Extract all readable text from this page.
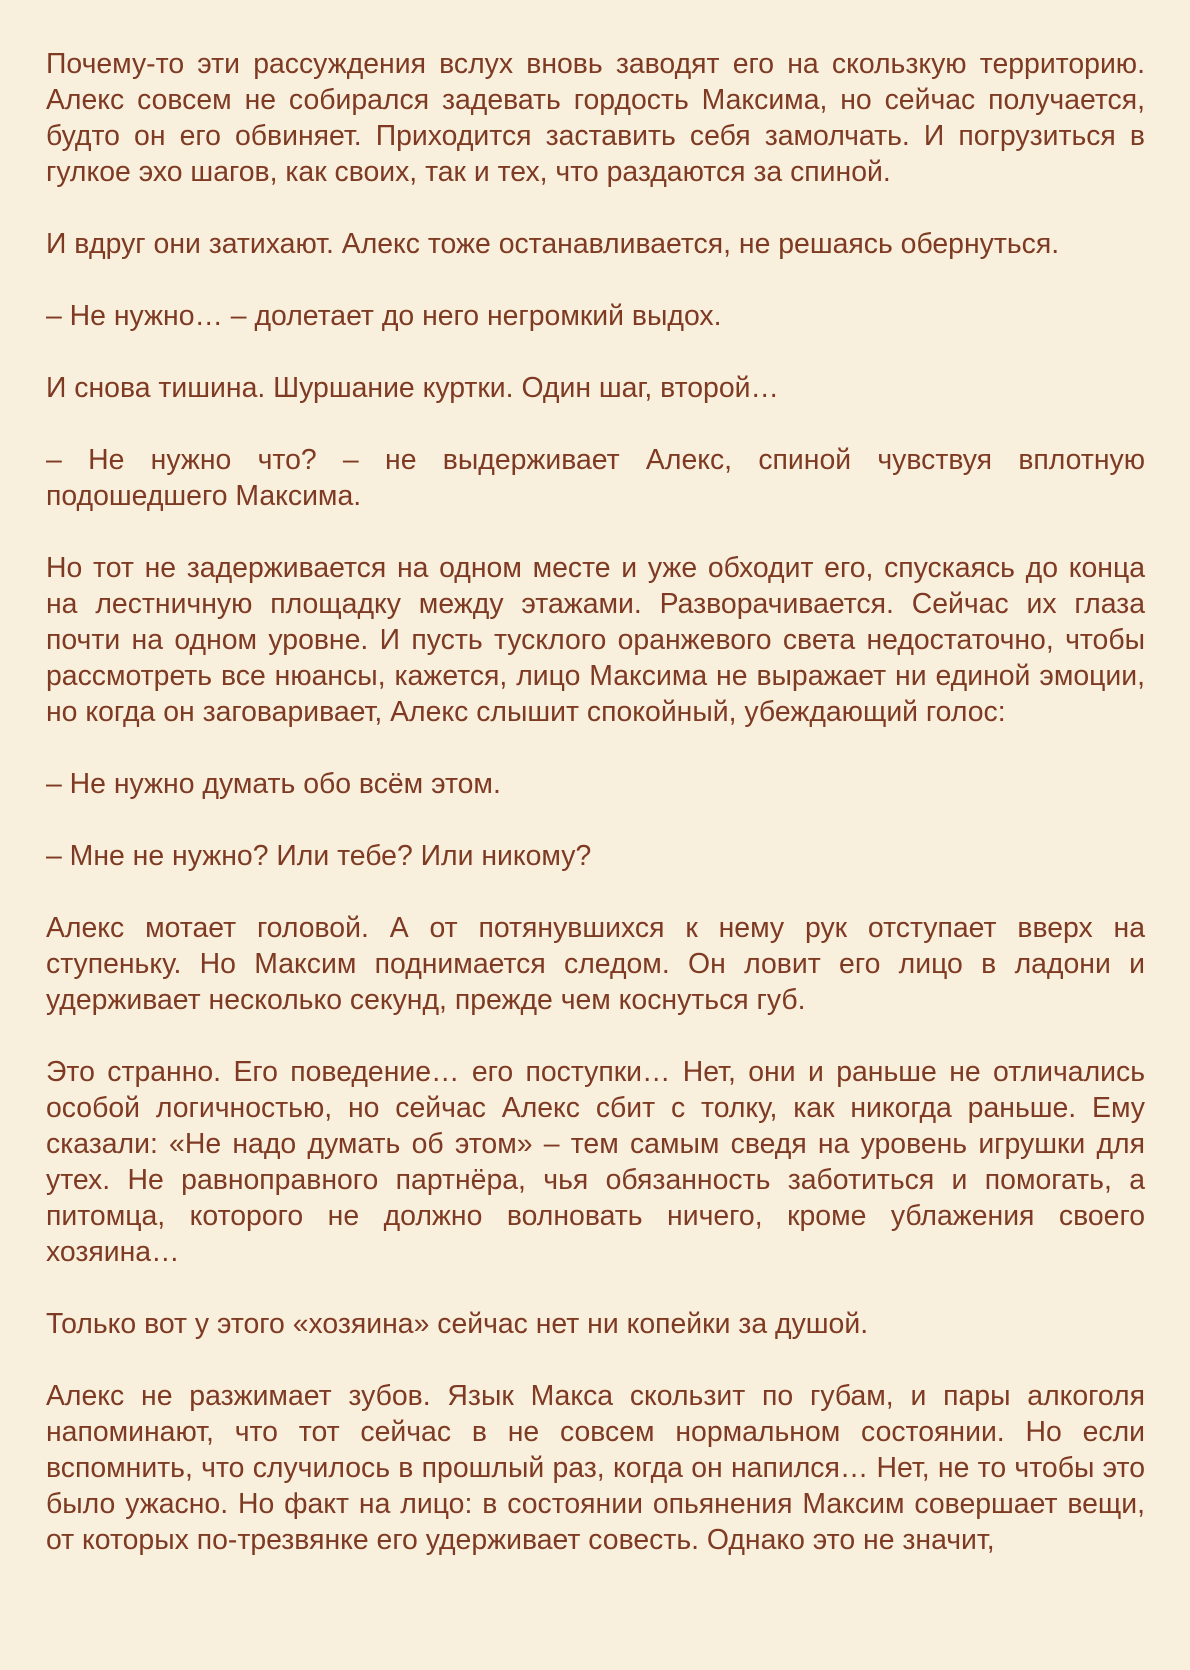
Почему-то эти рассуждения вслух вновь заводят его на скользкую территорию. Алекс совсем не собирался задевать гордость Максима, но сейчас получается, будто он его обвиняет. Приходится заставить себя замолчать. И погрузиться в гулкое эхо шагов, как своих, так и тех, что раздаются за спиной.

И вдруг они затихают. Алекс тоже останавливается, не решаясь обернуться.

– Не нужно… – долетает до него негромкий выдох.

И снова тишина. Шуршание куртки. Один шаг, второй…

– Не нужно что? – не выдерживает Алекс, спиной чувствуя вплотную подошедшего Максима.

Но тот не задерживается на одном месте и уже обходит его, спускаясь до конца на лестничную площадку между этажами. Разворачивается. Сейчас их глаза почти на одном уровне. И пусть тусклого оранжевого света недостаточно, чтобы рассмотреть все нюансы, кажется, лицо Максима не выражает ни единой эмоции, но когда он заговаривает, Алекс слышит спокойный, убеждающий голос:

– Не нужно думать обо всём этом.

– Мне не нужно? Или тебе? Или никому?

Алекс мотает головой. А от потянувшихся к нему рук отступает вверх на ступеньку. Но Максим поднимается следом. Он ловит его лицо в ладони и удерживает несколько секунд, прежде чем коснуться губ.

Это странно. Его поведение… его поступки… Нет, они и раньше не отличались особой логичностью, но сейчас Алекс сбит с толку, как никогда раньше. Ему сказали: «Не надо думать об этом» – тем самым сведя на уровень игрушки для утех. Не равноправного партнёра, чья обязанность заботиться и помогать, а питомца, которого не должно волновать ничего, кроме ублажения своего хозяина…

Только вот у этого «хозяина» сейчас нет ни копейки за душой.

Алекс не разжимает зубов. Язык Макса скользит по губам, и пары алкоголя напоминают, что тот сейчас в не совсем нормальном состоянии. Но если вспомнить, что случилось в прошлый раз, когда он напился… Нет, не то чтобы это было ужасно. Но факт на лицо: в состоянии опьянения Максим совершает вещи, от которых по-трезвянке его удерживает совесть. Однако это не значит,
